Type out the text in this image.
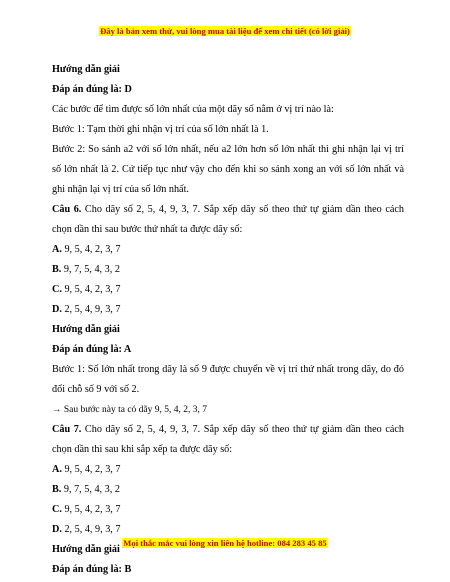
Đây là bản xem thử, vui lòng mua tài liệu để xem chi tiết (có lời giải)
Hướng dẫn giải
Đáp án đúng là: D
Các bước để tìm được số lớn nhất của một dãy số nằm ở vị trí nào là:
Bước 1: Tạm thời ghi nhận vị trí của số lớn nhất là 1.
Bước 2: So sánh a2 với số lớn nhất, nếu a2 lớn hơn số lớn nhất thì ghi nhận lại vị trí số lớn nhất là 2. Cứ tiếp tục như vậy cho đến khi so sánh xong an với số lớn nhất và ghi nhận lại vị trí của số lớn nhất.
Câu 6. Cho dãy số 2, 5, 4, 9, 3, 7. Sắp xếp dãy số theo thứ tự giảm dần theo cách chọn dần thì sau bước thứ nhất ta được dãy số:
A. 9, 5, 4, 2, 3, 7
B. 9, 7, 5, 4, 3, 2
C. 9, 5, 4, 2, 3, 7
D. 2, 5, 4, 9, 3, 7
Hướng dẫn giải
Đáp án đúng là: A
Bước 1: Số lớn nhất trong dãy là số 9 được chuyển về vị trí thứ nhất trong dãy, do đó đổi chỗ số 9 với số 2.
→ Sau bước này ta có dãy 9, 5, 4, 2, 3, 7
Câu 7. Cho dãy số 2, 5, 4, 9, 3, 7. Sắp xếp dãy số theo thứ tự giảm dần theo cách chọn dần thì sau khi sắp xếp ta được dãy số:
A. 9, 5, 4, 2, 3, 7
B. 9, 7, 5, 4, 3, 2
C. 9, 5, 4, 2, 3, 7
D. 2, 5, 4, 9, 3, 7
Hướng dẫn giải
Đáp án đúng là: B
Mọi thắc mắc vui lòng xin liên hệ hotline: 084 283 45 85
